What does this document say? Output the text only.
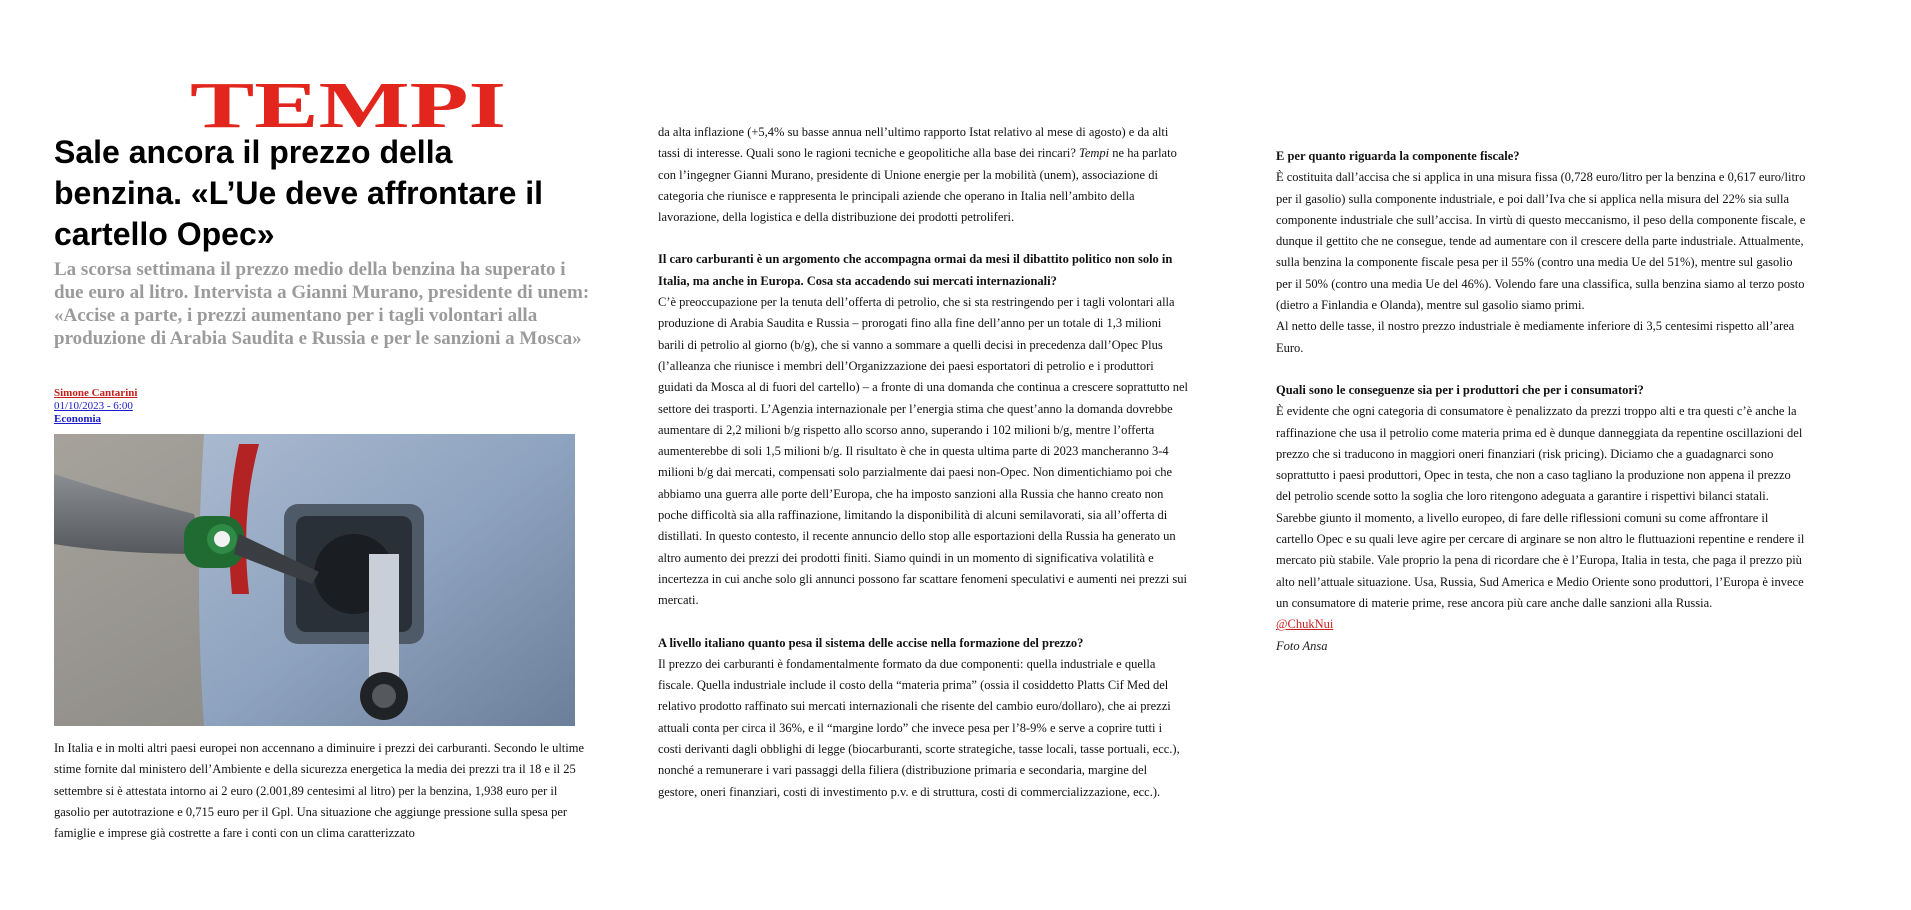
TEMPI
Sale ancora il prezzo della benzina. «L’Ue deve affrontare il cartello Opec»

La scorsa settimana il prezzo medio della benzina ha superato i due euro al litro. Intervista a Gianni Murano, presidente di unem: «Accise a parte, i prezzi aumentano per i tagli volontari alla produzione di Arabia Saudita e Russia e per le sanzioni a Mosca»

Simone Cantarini
01/10/2023 - 6:00
Economia

In Italia e in molti altri paesi europei non accennano a diminuire i prezzi dei carburanti. Secondo le ultime stime fornite dal ministero dell’Ambiente e della sicurezza energetica la media dei prezzi tra il 18 e il 25 settembre si è attestata intorno ai 2 euro (2.001,89 centesimi al litro) per la benzina, 1,938 euro per il gasolio per autotrazione e 0,715 euro per il Gpl. Una situazione che aggiunge pressione sulla spesa per famiglie e imprese già costrette a fare i conti con un clima caratterizzato

da alta inflazione (+5,4% su basse annua nell’ultimo rapporto Istat relativo al mese di agosto) e da alti tassi di interesse. Quali sono le ragioni tecniche e geopolitiche alla base dei rincari? Tempi ne ha parlato con l’ingegner Gianni Murano, presidente di Unione energie per la mobilità (unem), associazione di categoria che riunisce e rappresenta le principali aziende che operano in Italia nell’ambito della lavorazione, della logistica e della distribuzione dei prodotti petroliferi.

Il caro carburanti è un argomento che accompagna ormai da mesi il dibattito politico non solo in Italia, ma anche in Europa. Cosa sta accadendo sui mercati internazionali?

C’è preoccupazione per la tenuta dell’offerta di petrolio, che si sta restringendo per i tagli volontari alla produzione di Arabia Saudita e Russia – prorogati fino alla fine dell’anno per un totale di 1,3 milioni barili di petrolio al giorno (b/g), che si vanno a sommare a quelli decisi in precedenza dall’Opec Plus (l’alleanza che riunisce i membri dell’Organizzazione dei paesi esportatori di petrolio e i produttori guidati da Mosca al di fuori del cartello) – a fronte di una domanda che continua a crescere soprattutto nel settore dei trasporti. L’Agenzia internazionale per l’energia stima che quest’anno la domanda dovrebbe aumentare di 2,2 milioni b/g rispetto allo scorso anno, superando i 102 milioni b/g, mentre l’offerta aumenterebbe di soli 1,5 milioni b/g. Il risultato è che in questa ultima parte di 2023 mancheranno 3-4 milioni b/g dai mercati, compensati solo parzialmente dai paesi non-Opec. Non dimentichiamo poi che abbiamo una guerra alle porte dell’Europa, che ha imposto sanzioni alla Russia che hanno creato non poche difficoltà sia alla raffinazione, limitando la disponibilità di alcuni semilavorati, sia all’offerta di distillati. In questo contesto, il recente annuncio dello stop alle esportazioni della Russia ha generato un altro aumento dei prezzi dei prodotti finiti. Siamo quindi in un momento di significativa volatilità e incertezza in cui anche solo gli annunci possono far scattare fenomeni speculativi e aumenti nei prezzi sui mercati.

A livello italiano quanto pesa il sistema delle accise nella formazione del prezzo?

Il prezzo dei carburanti è fondamentalmente formato da due componenti: quella industriale e quella fiscale. Quella industriale include il costo della “materia prima” (ossia il cosiddetto Platts Cif Med del relativo prodotto raffinato sui mercati internazionali che risente del cambio euro/dollaro), che ai prezzi attuali conta per circa il 36%, e il “margine lordo” che invece pesa per l’8-9% e serve a coprire tutti i costi derivanti dagli obblighi di legge (biocarburanti, scorte strategiche, tasse locali, tasse portuali, ecc.), nonché a remunerare i vari passaggi della filiera (distribuzione primaria e secondaria, margine del gestore, oneri finanziari, costi di investimento p.v. e di struttura, costi di commercializzazione, ecc.).

E per quanto riguarda la componente fiscale?

È costituita dall’accisa che si applica in una misura fissa (0,728 euro/litro per la benzina e 0,617 euro/litro per il gasolio) sulla componente industriale, e poi dall’Iva che si applica nella misura del 22% sia sulla componente industriale che sull’accisa. In virtù di questo meccanismo, il peso della componente fiscale, e dunque il gettito che ne consegue, tende ad aumentare con il crescere della parte industriale. Attualmente, sulla benzina la componente fiscale pesa per il 55% (contro una media Ue del 51%), mentre sul gasolio per il 50% (contro una media Ue del 46%). Volendo fare una classifica, sulla benzina siamo al terzo posto (dietro a Finlandia e Olanda), mentre sul gasolio siamo primi.

Al netto delle tasse, il nostro prezzo industriale è mediamente inferiore di 3,5 centesimi rispetto all’area Euro.

Quali sono le conseguenze sia per i produttori che per i consumatori?

È evidente che ogni categoria di consumatore è penalizzato da prezzi troppo alti e tra questi c’è anche la raffinazione che usa il petrolio come materia prima ed è dunque danneggiata da repentine oscillazioni del prezzo che si traducono in maggiori oneri finanziari (risk pricing). Diciamo che a guadagnarci sono soprattutto i paesi produttori, Opec in testa, che non a caso tagliano la produzione non appena il prezzo del petrolio scende sotto la soglia che loro ritengono adeguata a garantire i rispettivi bilanci statali. Sarebbe giunto il momento, a livello europeo, di fare delle riflessioni comuni su come affrontare il cartello Opec e su quali leve agire per cercare di arginare se non altro le fluttuazioni repentine e rendere il mercato più stabile. Vale proprio la pena di ricordare che è l’Europa, Italia in testa, che paga il prezzo più alto nell’attuale situazione. Usa, Russia, Sud America e Medio Oriente sono produttori, l’Europa è invece un consumatore di materie prime, rese ancora più care anche dalle sanzioni alla Russia.

@ChukNui
Foto Ansa
